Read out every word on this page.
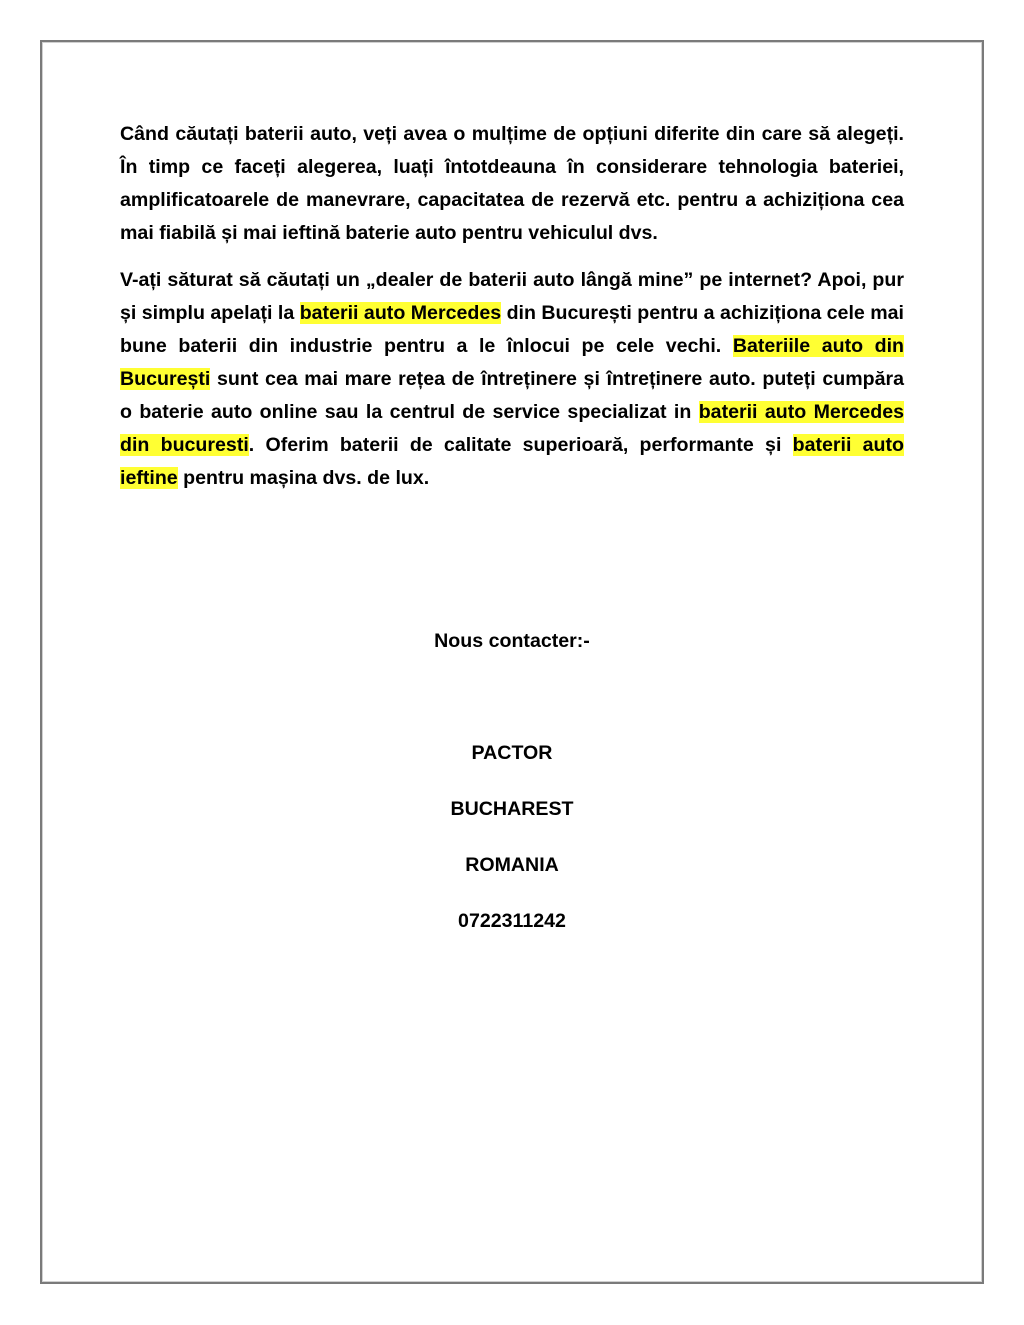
Când căutați baterii auto, veți avea o mulțime de opțiuni diferite din care să alegeți. În timp ce faceți alegerea, luați întotdeauna în considerare tehnologia bateriei, amplificatoarele de manevrare, capacitatea de rezervă etc. pentru a achiziționa cea mai fiabilă și mai ieftină baterie auto pentru vehiculul dvs.

V-ați săturat să căutați un „dealer de baterii auto lângă mine” pe internet? Apoi, pur și simplu apelați la baterii auto Mercedes din București pentru a achiziționa cele mai bune baterii din industrie pentru a le înlocui pe cele vechi. Bateriile auto din București sunt cea mai mare rețea de întreținere și întreținere auto. puteți cumpăra o baterie auto online sau la centrul de service specializat in baterii auto Mercedes din bucuresti. Oferim baterii de calitate superioară, performante și baterii auto ieftine pentru mașina dvs. de lux.

Nous contacter:-
PACTOR
BUCHAREST
ROMANIA
0722311242
